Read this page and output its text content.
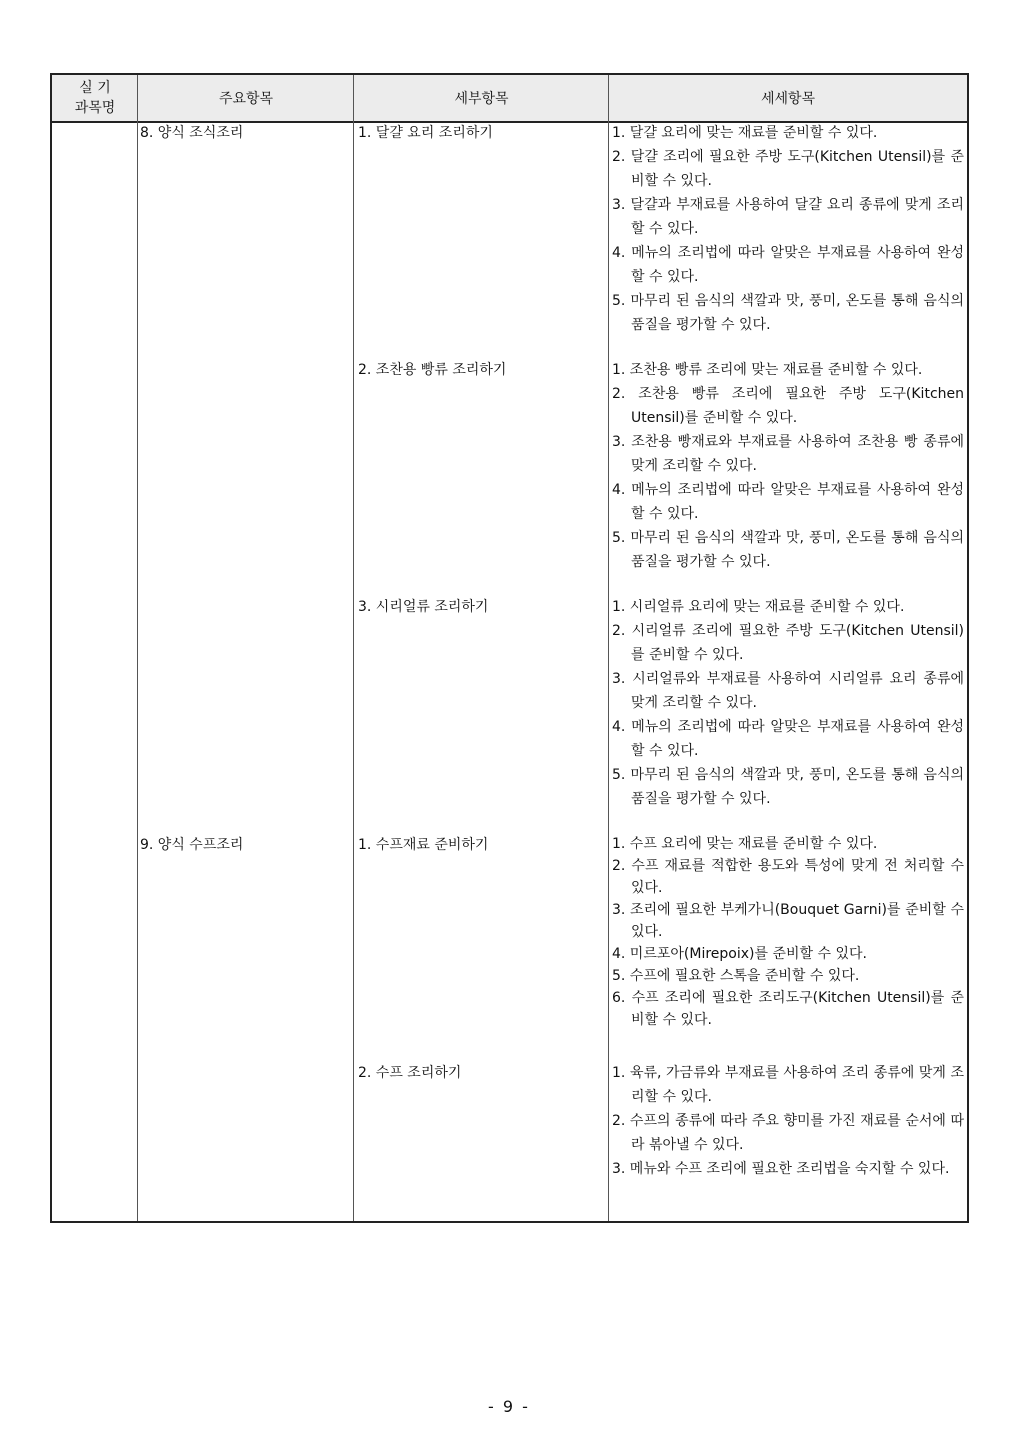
실 기
과목명
주요항목	세부항목	세세항목
8. 양식 조식조리
9. 양식 수프조리
1. 달걀 요리 조리하기
2. 조찬용 빵류 조리하기
3. 시리얼류 조리하기
1. 수프재료 준비하기
2. 수프 조리하기
1. 달걀 요리에 맞는 재료를 준비할 수 있다.
2. 달걀 조리에 필요한 주방 도구(Kitchen Utensil)를 준비할 수 있다.
3. 달걀과 부재료를 사용하여 달걀 요리 종류에 맞게 조리할 수 있다.
4. 메뉴의 조리법에 따라 알맞은 부재료를 사용하여 완성 할 수 있다.
5. 마무리 된 음식의 색깔과 맛, 풍미, 온도를 통해 음식의 품질을 평가할 수 있다.
1. 조찬용 빵류 조리에 맞는 재료를 준비할 수 있다.
2. 조찬용 빵류 조리에 필요한 주방 도구(Kitchen Utensil)를 준비할 수 있다.
3. 조찬용 빵재료와 부재료를 사용하여 조찬용 빵 종류에 맞게 조리할 수 있다.
4. 메뉴의 조리법에 따라 알맞은 부재료를 사용하여 완성 할 수 있다.
5. 마무리 된 음식의 색깔과 맛, 풍미, 온도를 통해 음식의 품질을 평가할 수 있다.
1. 시리얼류 요리에 맞는 재료를 준비할 수 있다.
2. 시리얼류 조리에 필요한 주방 도구(Kitchen Utensil)를 준비할 수 있다.
3. 시리얼류와 부재료를 사용하여 시리얼류 요리 종류에 맞게 조리할 수 있다.
4. 메뉴의 조리법에 따라 알맞은 부재료를 사용하여 완성 할 수 있다.
5. 마무리 된 음식의 색깔과 맛, 풍미, 온도를 통해 음식의 품질을 평가할 수 있다.
1. 수프 요리에 맞는 재료를 준비할 수 있다.
2. 수프 재료를 적합한 용도와 특성에 맞게 전 처리할 수 있다.
3. 조리에 필요한 부케가니(Bouquet Garni)를 준비할 수 있다.
4. 미르포아(Mirepoix)를 준비할 수 있다.
5. 수프에 필요한 스톡을 준비할 수 있다.
6. 수프 조리에 필요한 조리도구(Kitchen Utensil)를 준비할 수 있다.
1. 육류, 가금류와 부재료를 사용하여 조리 종류에 맞게 조리할 수 있다.
2. 수프의 종류에 따라 주요 향미를 가진 재료를 순서에 따라 볶아낼 수 있다.
3. 메뉴와 수프 조리에 필요한 조리법을 숙지할 수 있다.
- 9 -
